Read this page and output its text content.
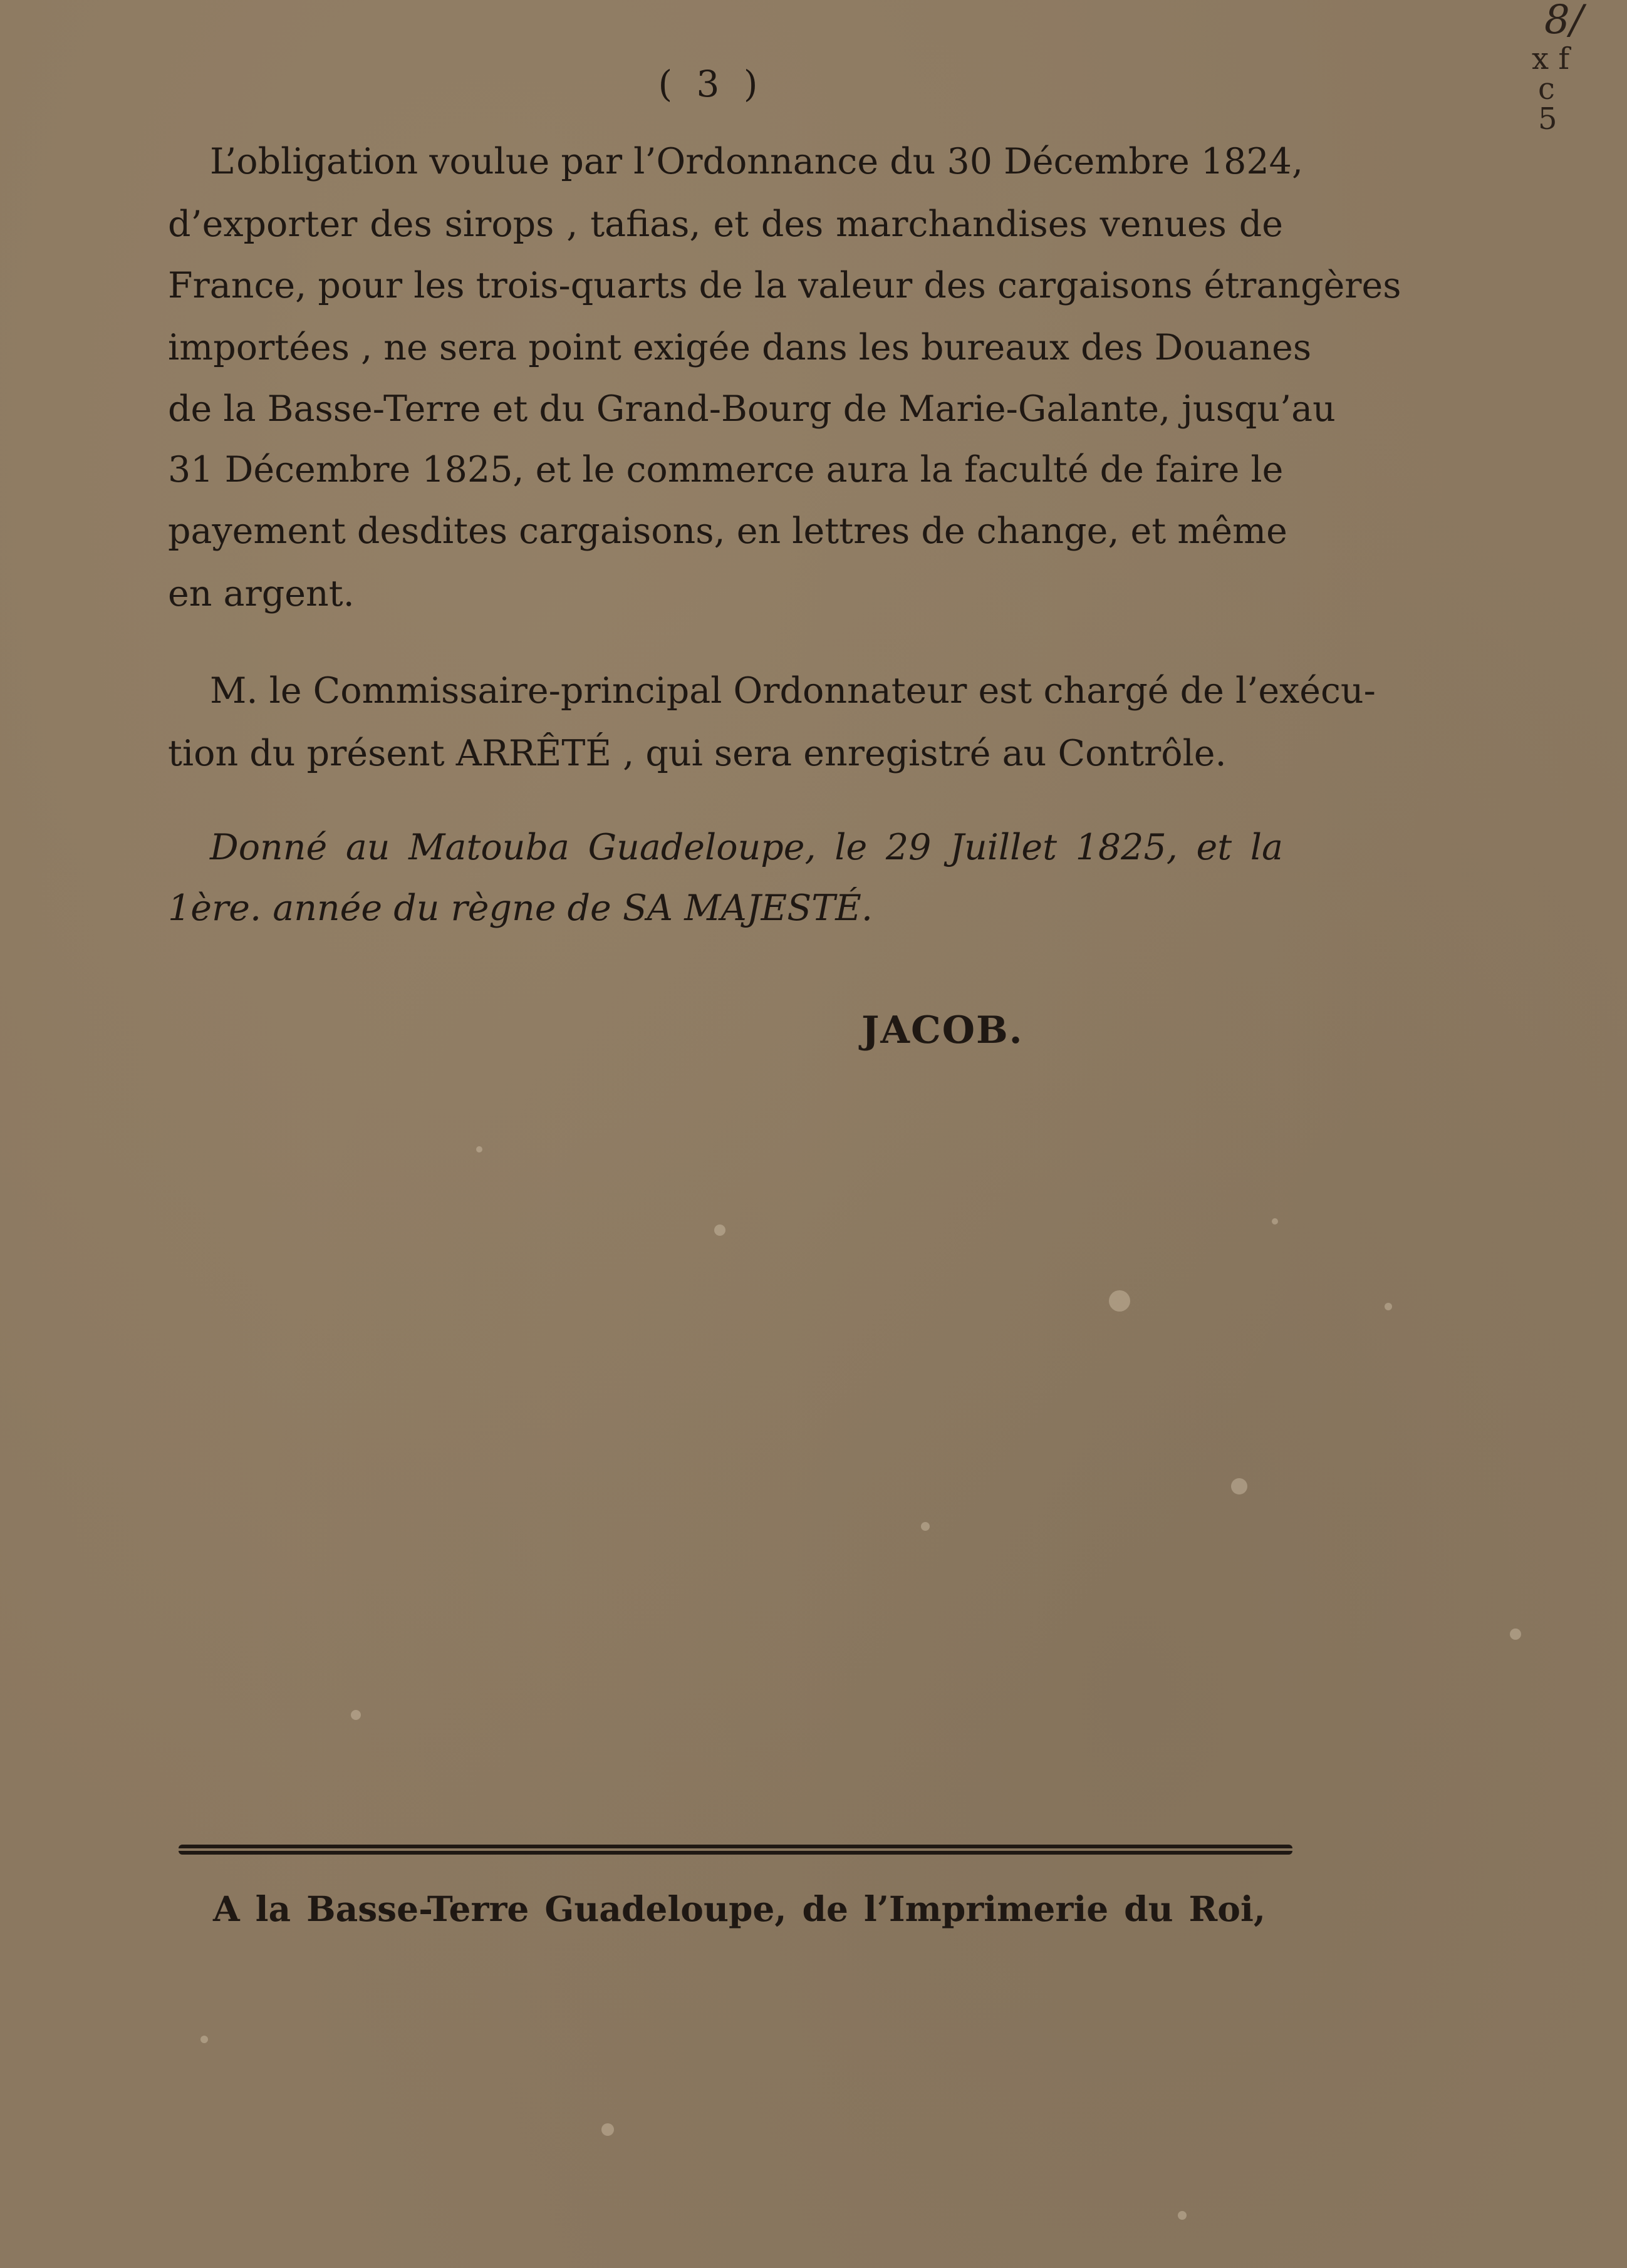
8/
x f
c 5
( 3 )
L’obligation voulue par l’Ordonnance du 30 Décembre 1824,
d’exporter des sirops , tafias, et des marchandises venues de
France, pour les trois-quarts de la valeur des cargaisons étrangères
importées , ne sera point exigée dans les bureaux des Douanes
de la Basse-Terre et du Grand-Bourg de Marie-Galante, jusqu’au
31 Décembre 1825, et le commerce aura la faculté de faire le
payement desdites cargaisons, en lettres de change, et même
en argent.
M. le Commissaire-principal Ordonnateur est chargé de l’exécu-
tion du présent ARRÊTÉ , qui sera enregistré au Contrôle.
Donné au Matouba Guadeloupe, le 29 Juillet 1825, et la
1ère. année du règne de SA MAJESTÉ.
JACOB.
A la Basse-Terre Guadeloupe, de l’Imprimerie du Roi,
